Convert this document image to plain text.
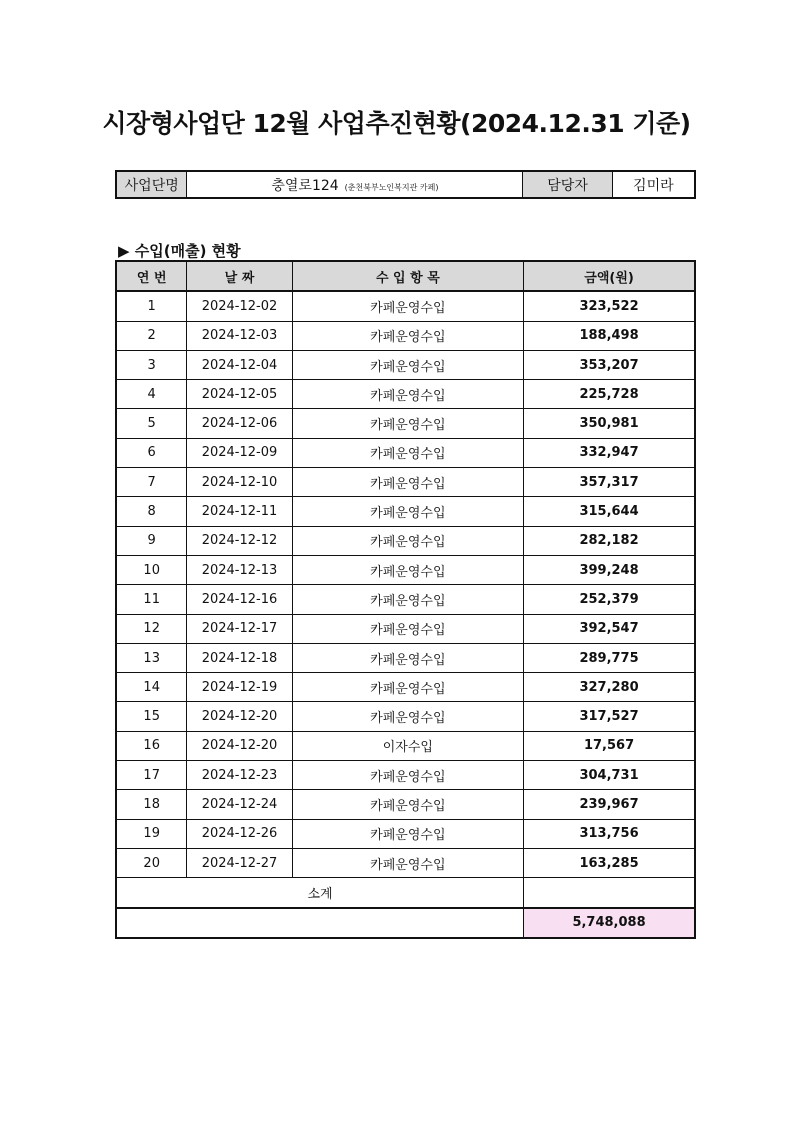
시장형사업단 12월 사업추진현황(2024.12.31 기준)
사업단명	충열로124 (춘천북부노인복지관 카페)	담당자	김미라
▶ 수입(매출) 현황
연 번	날 짜	수 입 항 목	금액(원)
1	2024-12-02	카페운영수입	323,522
2	2024-12-03	카페운영수입	188,498
3	2024-12-04	카페운영수입	353,207
4	2024-12-05	카페운영수입	225,728
5	2024-12-06	카페운영수입	350,981
6	2024-12-09	카페운영수입	332,947
7	2024-12-10	카페운영수입	357,317
8	2024-12-11	카페운영수입	315,644
9	2024-12-12	카페운영수입	282,182
10	2024-12-13	카페운영수입	399,248
11	2024-12-16	카페운영수입	252,379
12	2024-12-17	카페운영수입	392,547
13	2024-12-18	카페운영수입	289,775
14	2024-12-19	카페운영수입	327,280
15	2024-12-20	카페운영수입	317,527
16	2024-12-20	이자수입	17,567
17	2024-12-23	카페운영수입	304,731
18	2024-12-24	카페운영수입	239,967
19	2024-12-26	카페운영수입	313,756
20	2024-12-27	카페운영수입	163,285
소계			
			5,748,088
